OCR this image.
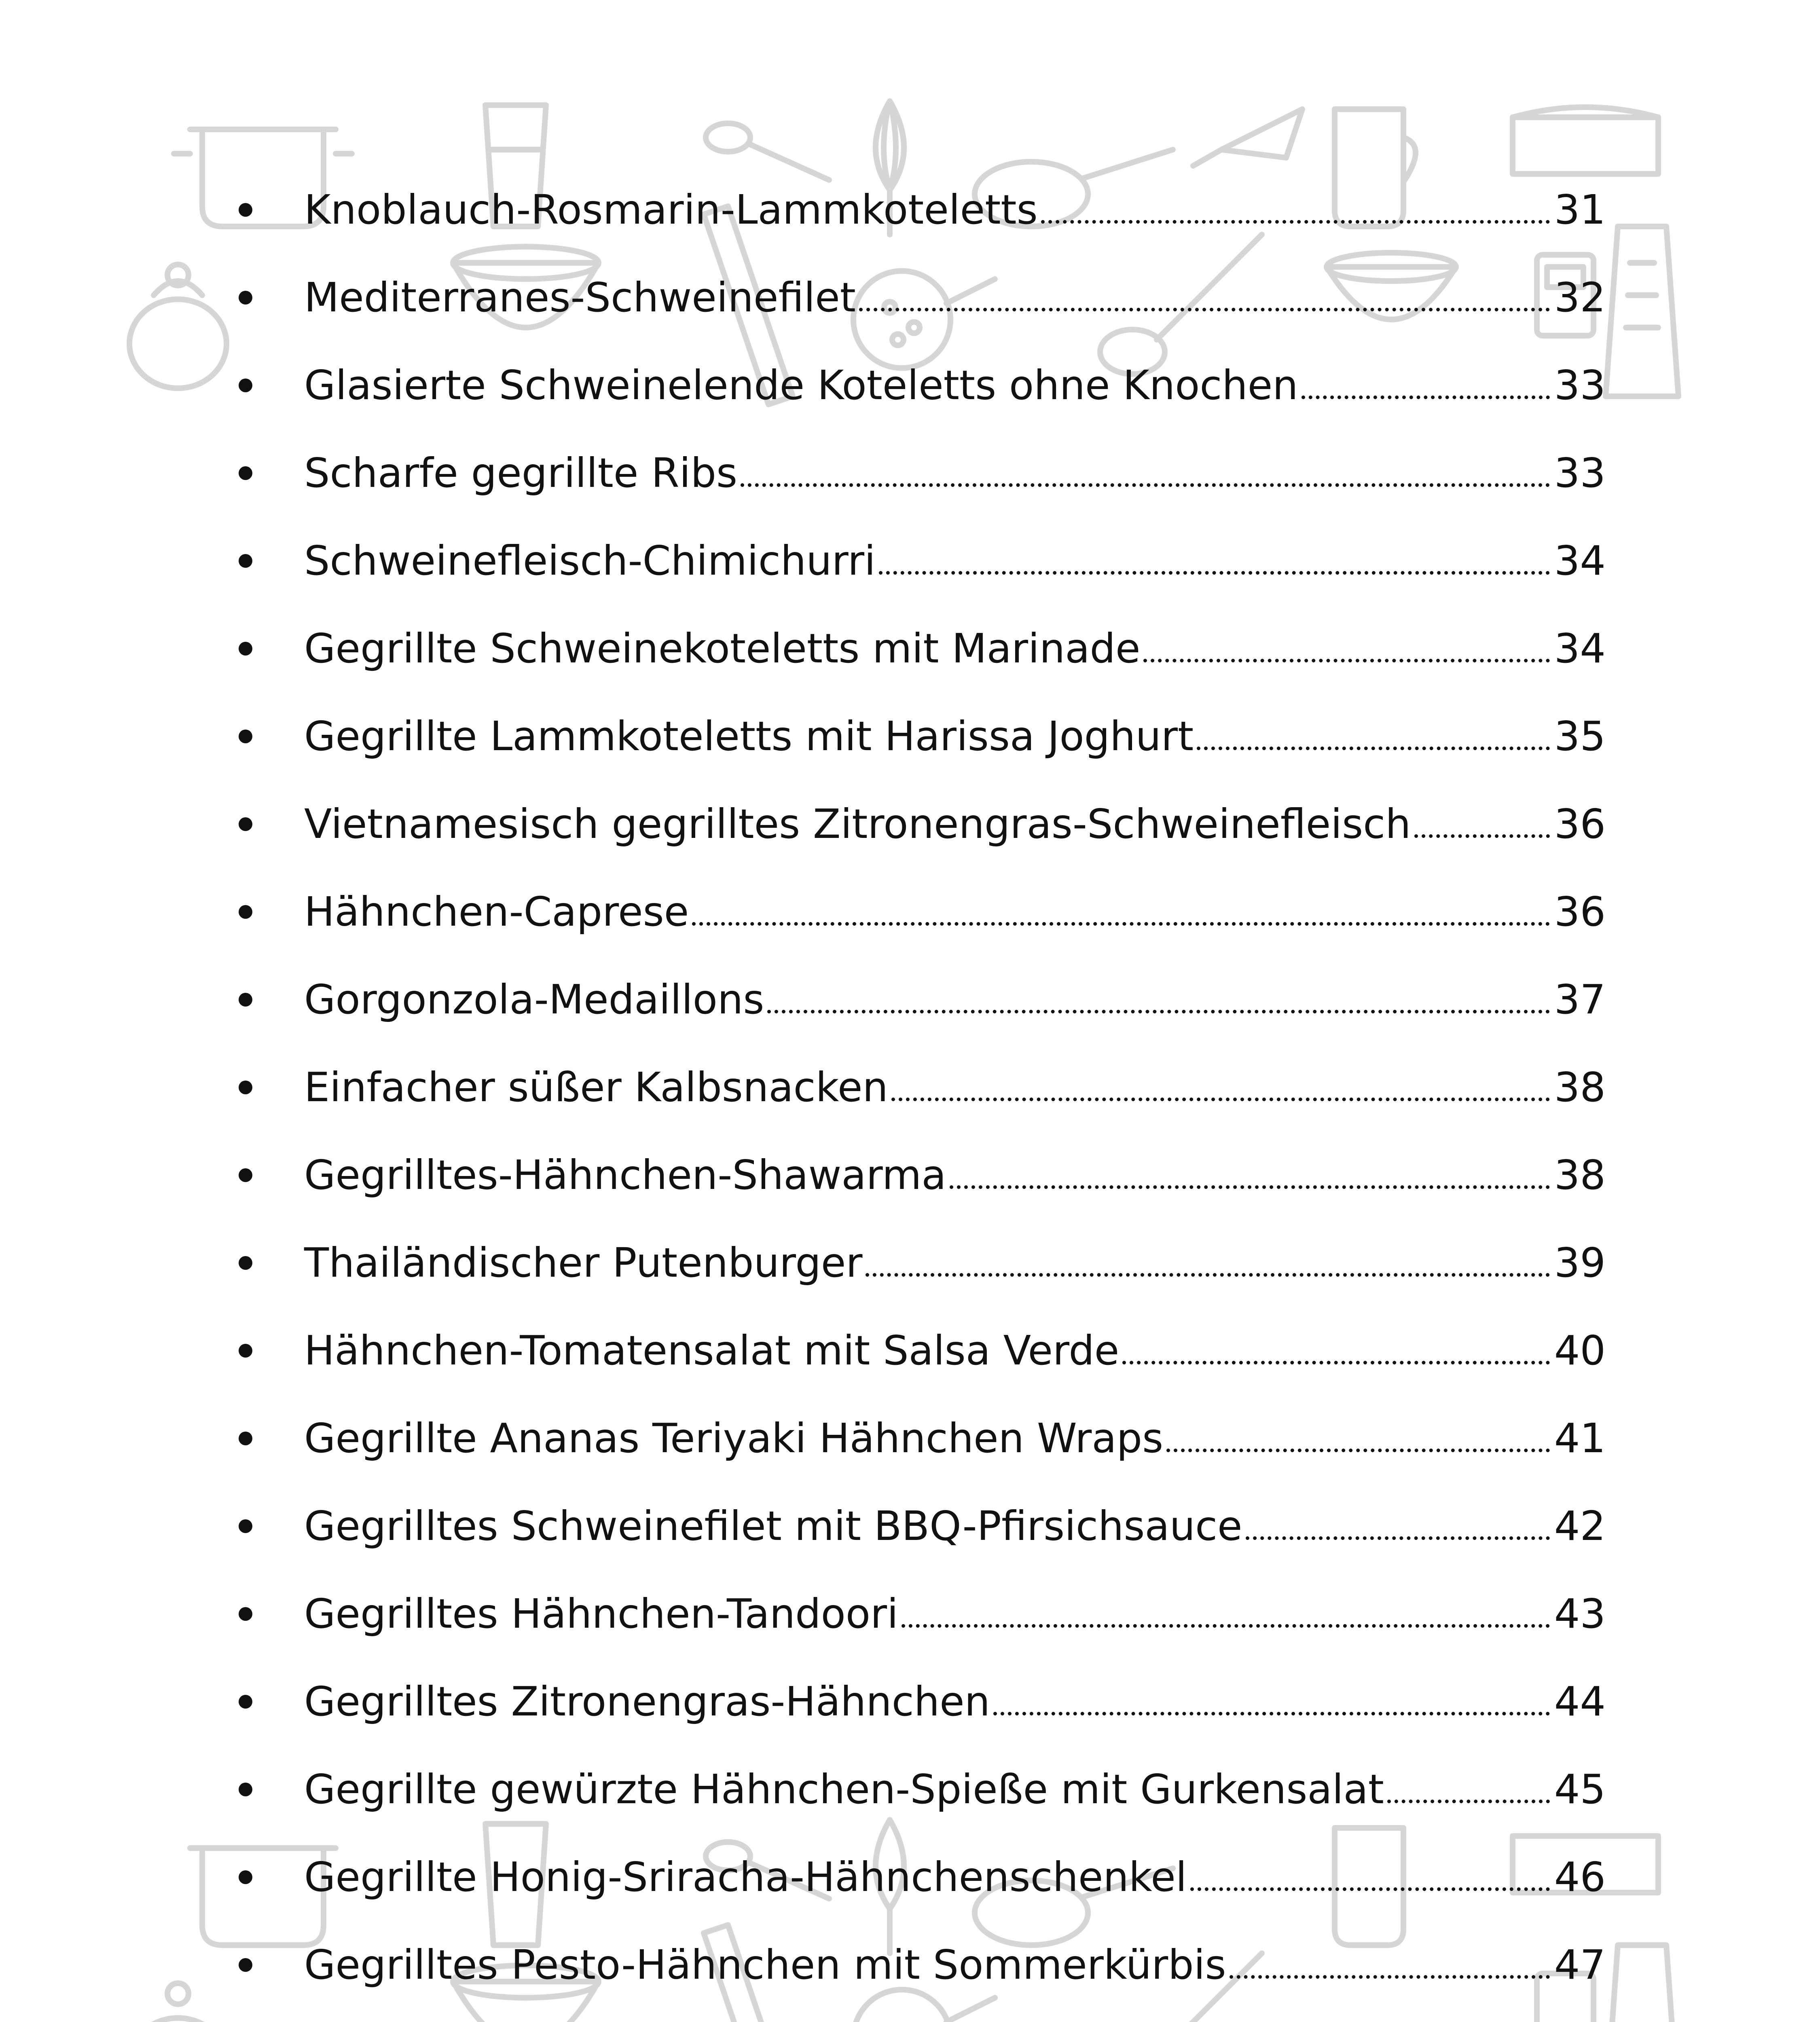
Knoblauch-Rosmarin-Lammkoteletts	31
Mediterranes-Schweinefilet	32
Glasierte Schweinelende Koteletts ohne Knochen	33
Scharfe gegrillte Ribs	33
Schweinefleisch-Chimichurri	34
Gegrillte Schweinekoteletts mit Marinade	34
Gegrillte Lammkoteletts mit Harissa Joghurt	35
Vietnamesisch gegrilltes Zitronengras-Schweinefleisch	36
Hähnchen-Caprese	36
Gorgonzola-Medaillons	37
Einfacher süßer Kalbsnacken	38
Gegrilltes-Hähnchen-Shawarma	38
Thailändischer Putenburger	39
Hähnchen-Tomatensalat mit Salsa Verde	40
Gegrillte Ananas Teriyaki Hähnchen Wraps	41
Gegrilltes Schweinefilet mit BBQ-Pfirsichsauce	42
Gegrilltes Hähnchen-Tandoori	43
Gegrilltes Zitronengras-Hähnchen	44
Gegrillte gewürzte Hähnchen-Spieße mit Gurkensalat	45
Gegrillte Honig-Sriracha-Hähnchenschenkel	46
Gegrilltes Pesto-Hähnchen mit Sommerkürbis	47
